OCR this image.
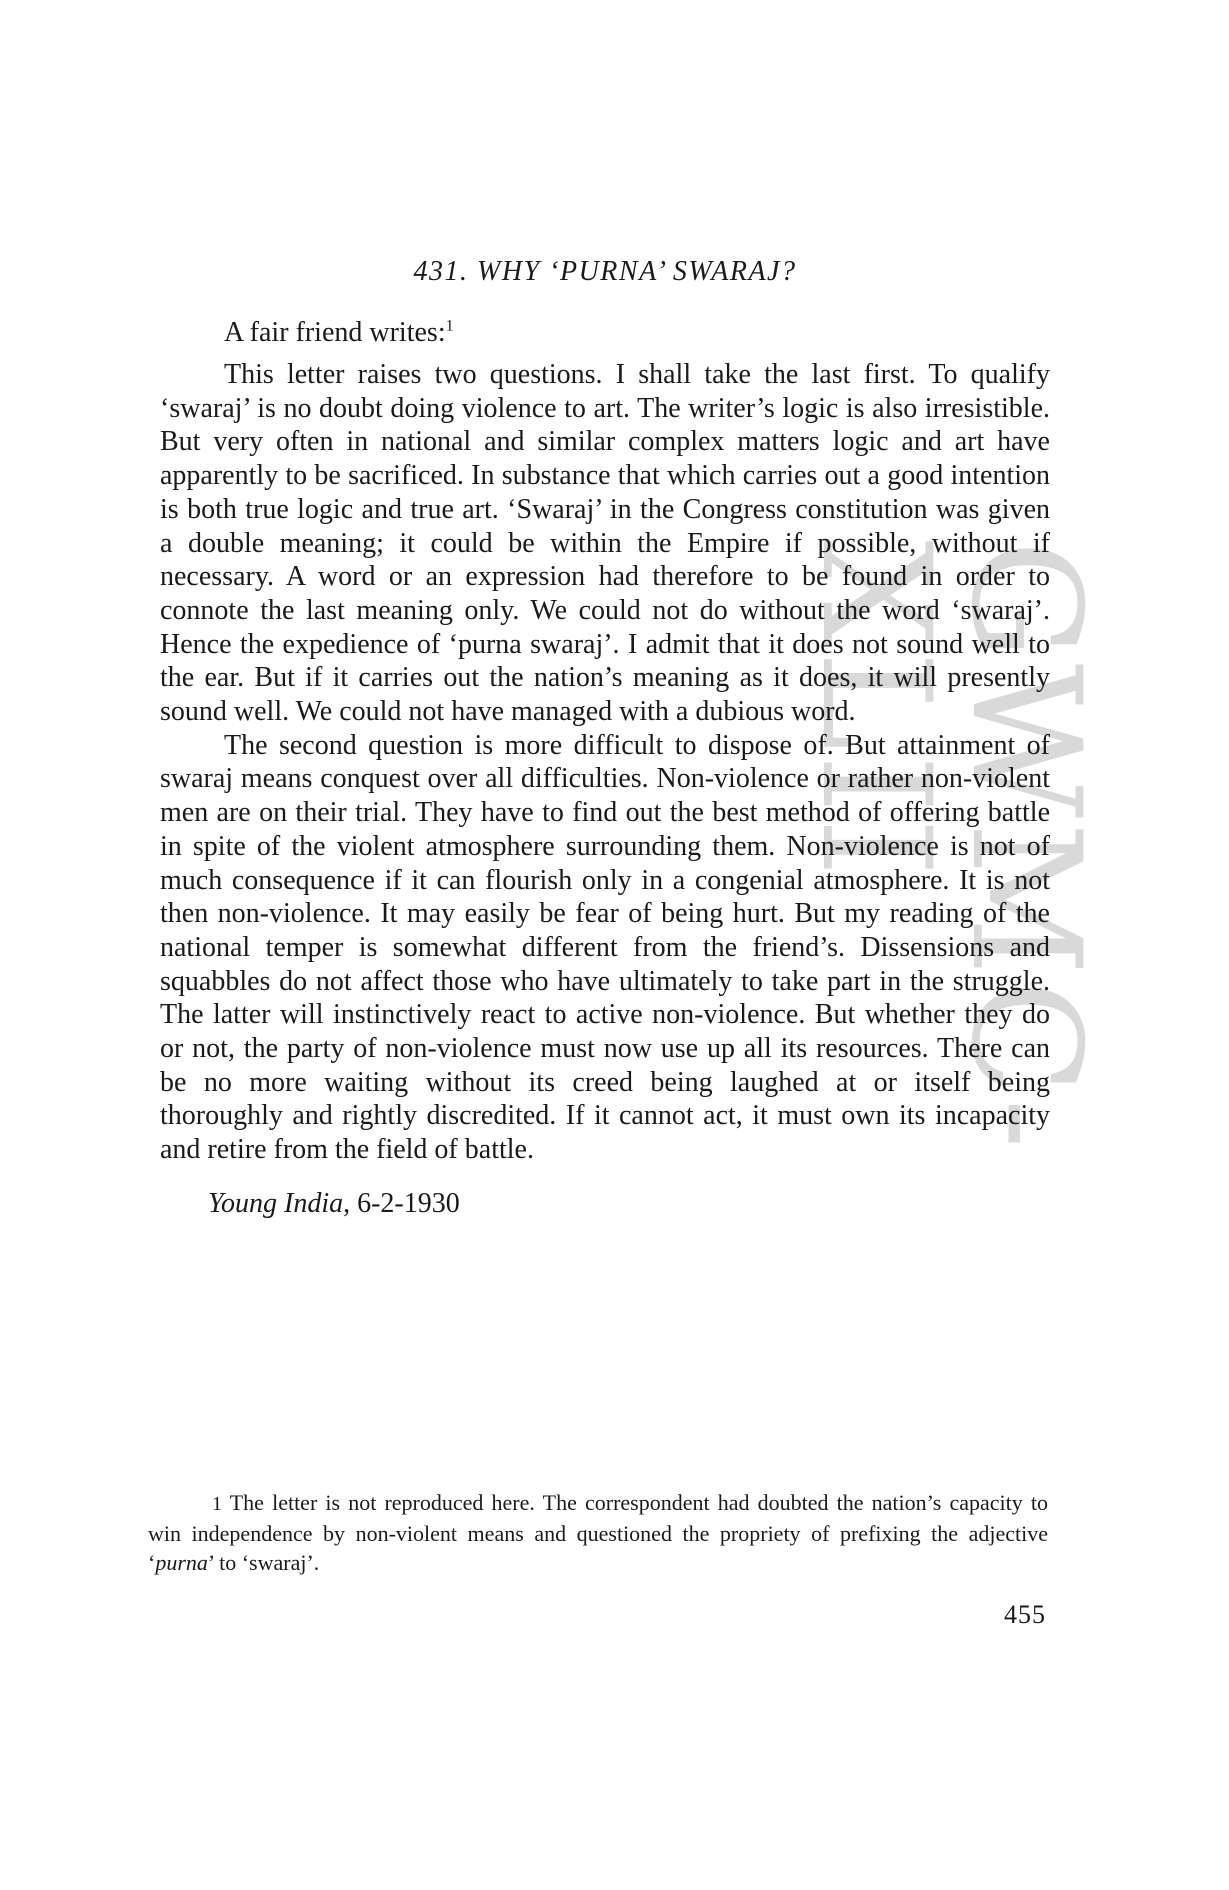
GWMC-XLII
431. WHY ‘PURNA’ SWARAJ?
A fair friend writes:$^1$

This letter raises two questions. I shall take the last first. To qualify ‘swaraj’ is no doubt doing violence to art. The writer’s logic is also irresistible. But very often in national and similar complex matters logic and art have apparently to be sacrificed. In substance that which carries out a good intention is both true logic and true art. ‘Swaraj’ in the Congress constitution was given a double meaning; it could be within the Empire if possible, without if necessary. A word or an expression had therefore to be found in order to connote the last meaning only. We could not do without the word ‘swaraj’. Hence the expedience of ‘purna swaraj’. I admit that it does not sound well to the ear. But if it carries out the nation’s meaning as it does, it will presently sound well. We could not have managed with a dubious word.

The second question is more difficult to dispose of. But attainment of swaraj means conquest over all difficulties. Non-violence or rather non-violent men are on their trial. They have to find out the best method of offering battle in spite of the violent atmosphere surrounding them. Non-violence is not of much consequence if it can flourish only in a congenial atmosphere. It is not then non-violence. It may easily be fear of being hurt. But my reading of the national temper is somewhat different from the friend’s. Dissensions and squabbles do not affect those who have ultimately to take part in the struggle. The latter will instinctively react to active non-violence. But whether they do or not, the party of non-violence must now use up all its resources. There can be no more waiting without its creed being laughed at or itself being thoroughly and rightly discredited. If it cannot act, it must own its incapacity and retire from the field of battle.

Young India, 6-2-1930

1 The letter is not reproduced here. The correspondent had doubted the nation’s capacity to win independence by non-violent means and questioned the propriety of prefixing the adjective ‘purna’ to ‘swaraj’.

455
